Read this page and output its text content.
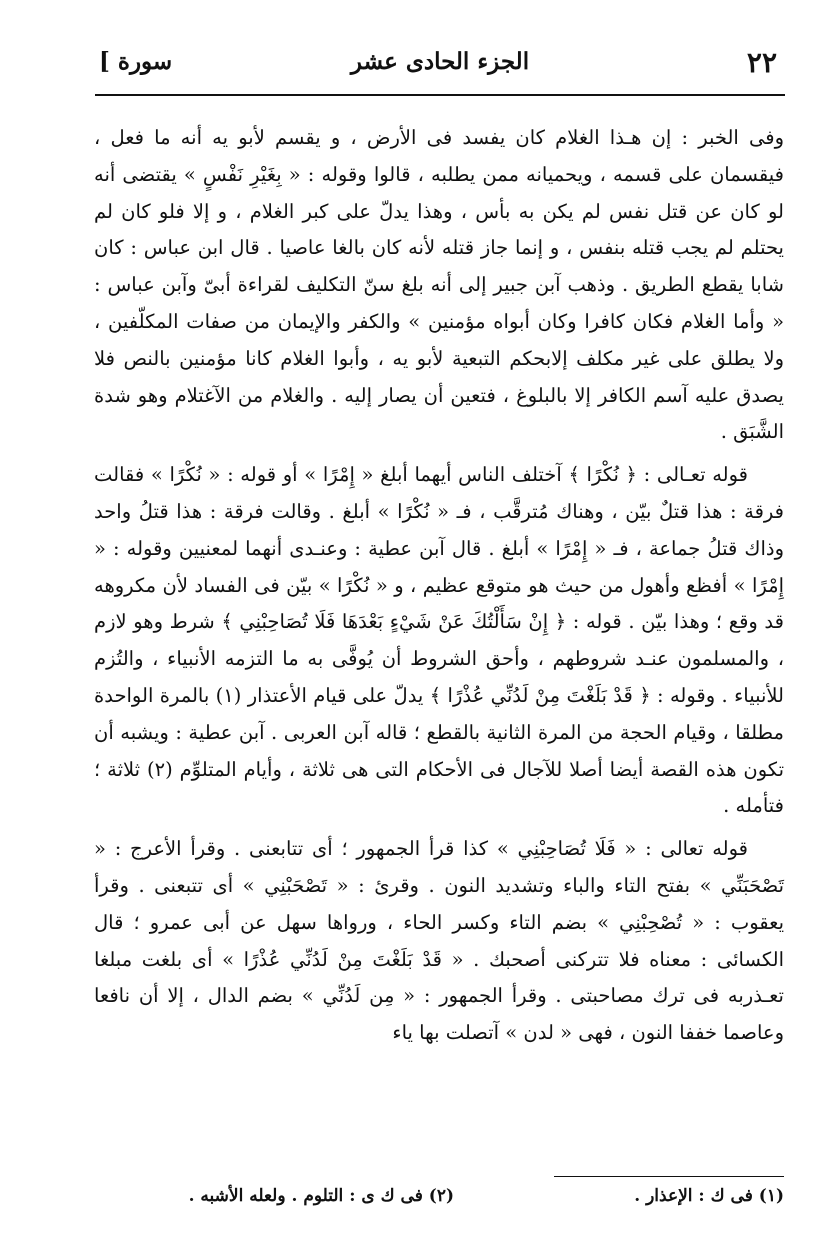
٢٢
الجزء الحادى عشر
سورة ]

وفى الخبر : إن هـذا الغلام كان يفسد فى الأرض ، و يقسم لأبو يه أنه ما فعل ، فيقسمان على قسمه ، ويحميانه ممن يطلبه ، قالوا وقوله : « بِغَيْرِ نَفْسٍ » يقتضى أنه لو كان عن قتل نفس لم يكن به بأس ، وهذا يدلّ على كبر الغلام ، و إلا فلو كان لم يحتلم لم يجب قتله بنفس ، و إنما جاز قتله لأنه كان بالغا عاصيا . قال ابن عباس : كان شابا يقطع الطريق . وذهب آبن جبير إلى أنه بلغ سنّ التكليف لقراءة أبىّ وآبن عباس : « وأما الغلام فكان كافرا وكان أبواه مؤمنين » والكفر والإيمان من صفات المكلّفين ، ولا يطلق على غير مكلف إلابحكم التبعية لأبو يه ، وأبوا الغلام كانا مؤمنين بالنص فلا يصدق عليه آسم الكافر إلا بالبلوغ ، فتعين أن يصار إليه . والغلام من الآغتلام وهو شدة الشَّبَق .

قوله تعـالى : ﴿ نُكْرًا ﴾ آختلف الناس أيهما أبلغ « إِمْرًا » أو قوله : « نُكْرًا » فقالت فرقة : هذا قتلٌ بيّن ، وهناك مُترقَّب ، فـ « نُكْرًا » أبلغ . وقالت فرقة : هذا قتلُ واحد وذاك قتلُ جماعة ، فـ « إِمْرًا » أبلغ . قال آبن عطية : وعنـدى أنهما لمعنيين وقوله : « إِمْرًا » أفظع وأهول من حيث هو متوقع عظيم ، و « نُكْرًا » بيّن فى الفساد لأن مكروهه قد وقع ؛ وهذا بيّن . قوله : ﴿ إِنْ سَأَلْتُكَ عَنْ شَيْءٍ بَعْدَهَا فَلَا تُصَاحِبْنِي ﴾ شرط وهو لازم ، والمسلمون عنـد شروطهم ، وأحق الشروط أن يُوفَّى به ما التزمه الأنبياء ، والتُزم للأنبياء . وقوله : ﴿ قَدْ بَلَغْتَ مِنْ لَدُنِّي عُذْرًا ﴾ يدلّ على قيام الأعتذار (١) بالمرة الواحدة مطلقا ، وقيام الحجة من المرة الثانية بالقطع ؛ قاله آبن العربى . آبن عطية : ويشبه أن تكون هذه القصة أيضا أصلا للآجال فى الأحكام التى هى ثلاثة ، وأيام المتلوِّم (٢) ثلاثة ؛ فتأمله .

قوله تعالى : « فَلَا تُصَاحِبْنِي » كذا قرأ الجمهور ؛ أى تتابعنى . وقرأ الأعرج : « تَصْحَبَنِّي » بفتح التاء والباء وتشديد النون . وقرئ : « تَصْحَبْنِي » أى تتبعنى . وقرأ يعقوب : « تُصْحِبْنِي » بضم التاء وكسر الحاء ، ورواها سهل عن أبى عمرو ؛ قال الكسائى : معناه فلا تتركنى أصحبك . « قَدْ بَلَغْتَ مِنْ لَدُنِّي عُذْرًا » أى بلغت مبلغا تعـذربه فى ترك مصاحبتى . وقرأ الجمهور : « مِن لَدُنِّي » بضم الدال ، إلا أن نافعا وعاصما خففا النون ، فهى « لدن » آتصلت بها ياء

(١) فى ك : الإعذار .
(٢) فى ك ى : التلوم . ولعله الأشبه .
